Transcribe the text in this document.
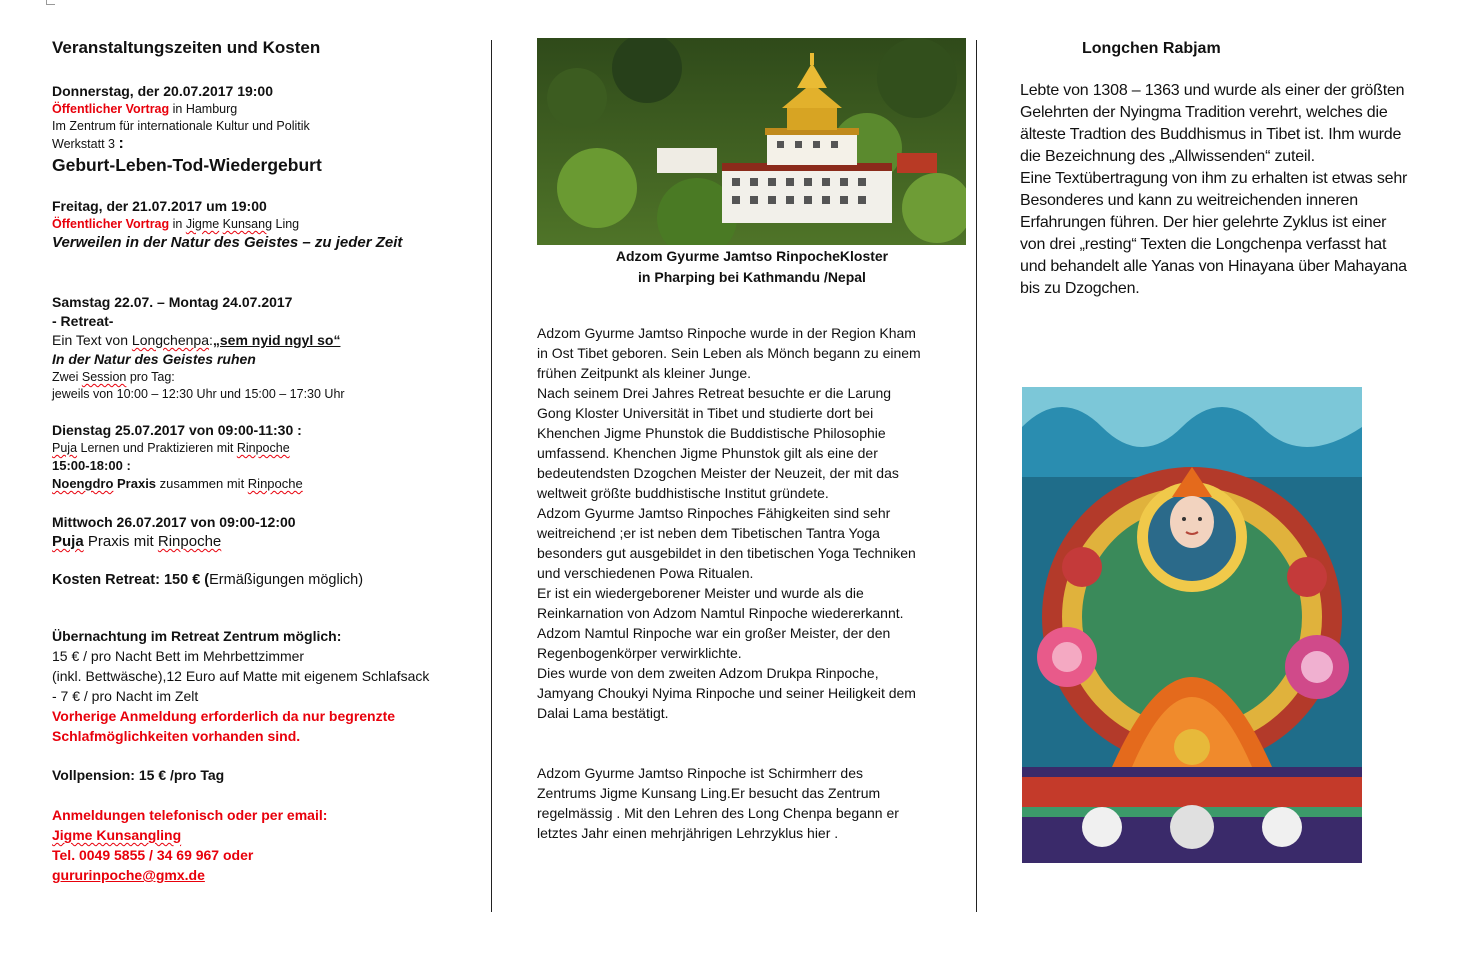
Veranstaltungszeiten und Kosten
Donnerstag, der 20.07.2017 19:00
Öffentlicher Vortrag in Hamburg
Im Zentrum für internationale Kultur und Politik
Werkstatt 3 :
Geburt-Leben-Tod-Wiedergeburt
Freitag, der 21.07.2017 um 19:00
Öffentlicher Vortrag in Jigme Kunsang Ling
Verweilen in der Natur des Geistes – zu jeder Zeit
Samstag 22.07. – Montag 24.07.2017
- Retreat-
Ein Text von Longchenpa:„sem nyid ngyl so“
In der Natur des Geistes ruhen
Zwei Session pro Tag:
jeweils von 10:00 – 12:30 Uhr und 15:00 – 17:30 Uhr
Dienstag 25.07.2017 von 09:00-11:30 :
Puja Lernen und Praktizieren mit Rinpoche
15:00-18:00 :
Noengdro Praxis zusammen mit Rinpoche
Mittwoch 26.07.2017 von 09:00-12:00
Puja Praxis mit Rinpoche
Kosten Retreat: 150 € (Ermäßigungen möglich)
Übernachtung im Retreat Zentrum möglich:
15 € / pro Nacht Bett im Mehrbettzimmer
(inkl. Bettwäsche),12 Euro auf Matte mit eigenem Schlafsack
- 7 € / pro Nacht im Zelt
Vorherige Anmeldung erforderlich da nur begrenzte
Schlafmöglichkeiten vorhanden sind.
Vollpension: 15 € /pro Tag
Anmeldungen telefonisch oder per email:
Jigme Kunsangling
Tel. 0049 5855 / 34 69 967 oder
gururinpoche@gmx.de
Adzom Gyurme Jamtso RinpocheKloster
in Pharping bei Kathmandu /Nepal

Adzom Gyurme Jamtso Rinpoche wurde in der Region Kham

in Ost Tibet geboren. Sein Leben als Mönch begann zu einem

frühen Zeitpunkt als kleiner Junge.

Nach seinem Drei Jahres Retreat besuchte er die Larung

Gong Kloster Universität in Tibet und studierte dort bei

Khenchen Jigme Phunstok die Buddistische Philosophie

umfassend. Khenchen Jigme Phunstok gilt als eine der

bedeutendsten Dzogchen Meister der Neuzeit, der mit das

weltweit größte buddhistische Institut gründete.

Adzom Gyurme Jamtso Rinpoches Fähigkeiten sind sehr

weitreichend ;er ist neben dem Tibetischen Tantra Yoga

besonders gut ausgebildet in den tibetischen Yoga Techniken

und verschiedenen Powa Ritualen.

Er ist ein wiedergeborener Meister und wurde als die

Reinkarnation von Adzom Namtul Rinpoche wiedererkannt.

Adzom Namtul Rinpoche war ein großer Meister, der den

Regenbogenkörper verwirklichte.

Dies wurde von dem zweiten Adzom Drukpa Rinpoche,

Jamyang Choukyi Nyima Rinpoche und seiner Heiligkeit dem

Dalai Lama bestätigt.

Adzom Gyurme Jamtso Rinpoche ist Schirmherr des

Zentrums Jigme Kunsang Ling.Er besucht das Zentrum

regelmässig . Mit den Lehren des Long Chenpa begann er

letztes Jahr einen mehrjährigen Lehrzyklus hier .

Longchen Rabjam
Lebte von 1308 – 1363 und wurde als einer der größten
Gelehrten der Nyingma Tradition verehrt, welches die
älteste Tradtion des Buddhismus in Tibet ist. Ihm wurde
die Bezeichnung des „Allwissenden“ zuteil.
Eine Textübertragung von ihm zu erhalten ist etwas sehr
Besonderes und kann zu weitreichenden inneren
Erfahrungen führen. Der hier gelehrte Zyklus ist einer
von drei „resting“ Texten die Longchenpa verfasst hat
und behandelt alle Yanas von Hinayana über Mahayana
bis zu Dzogchen.
